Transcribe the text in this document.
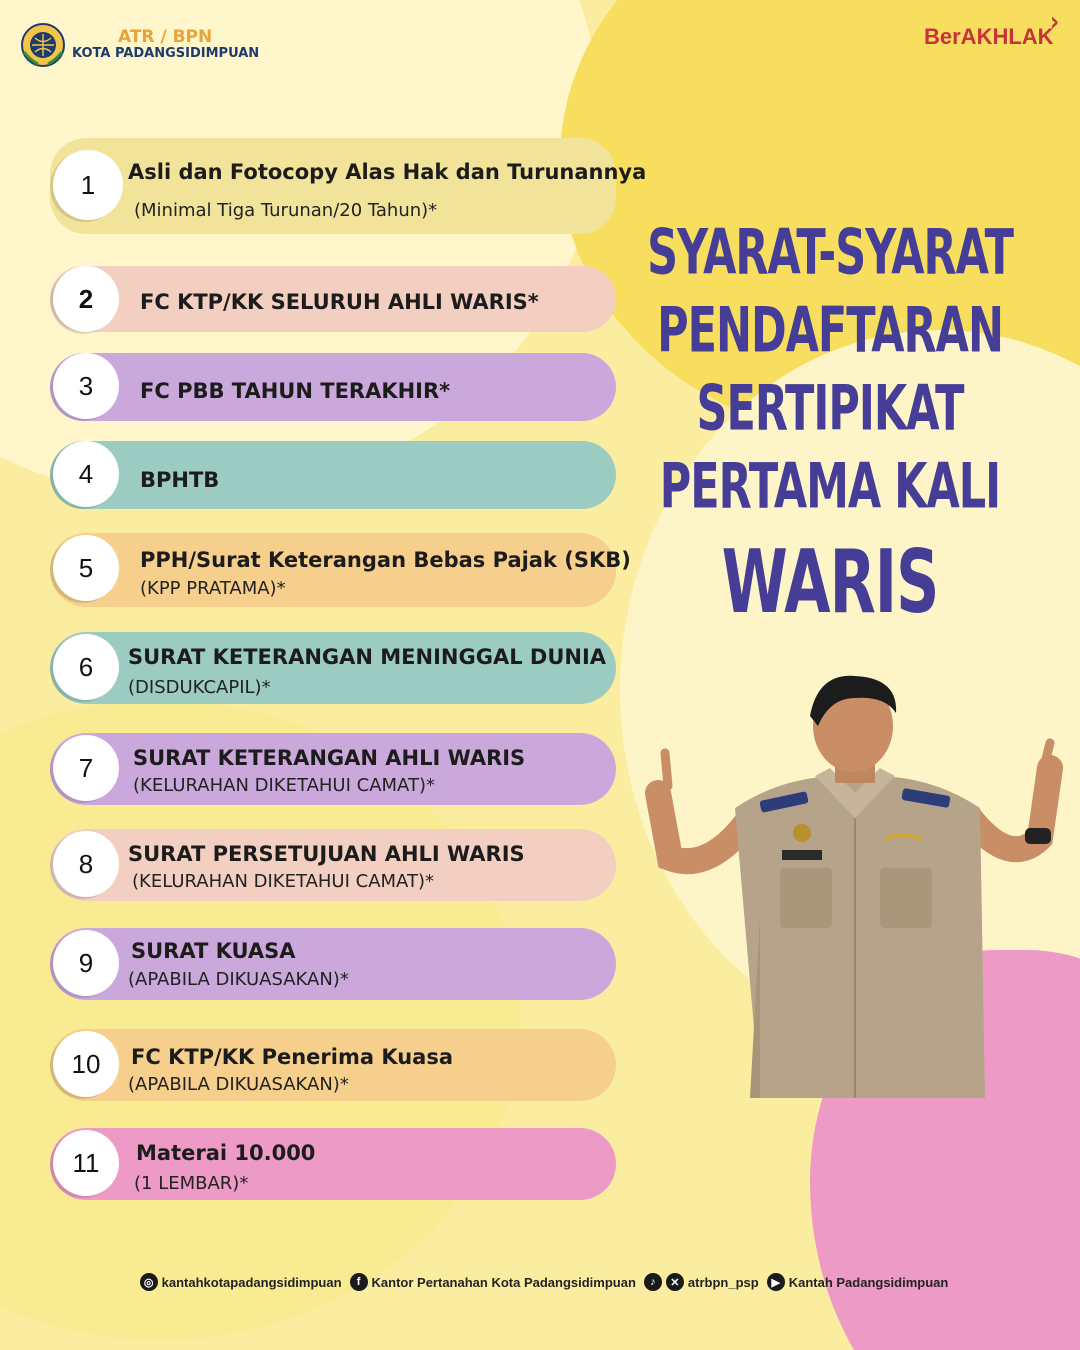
ATR / BPN
KOTA PADANGSIDIMPUAN
BerAKHLAK
›
1	Asli dan Fotocopy Alas Hak dan Turunannya
(Minimal Tiga Turunan/20 Tahun)*
2	FC KTP/KK SELURUH AHLI WARIS*
3	FC PBB TAHUN TERAKHIR*
4	BPHTB
5	PPH/Surat Keterangan Bebas Pajak (SKB)
(KPP PRATAMA)*
6	SURAT KETERANGAN MENINGGAL DUNIA
(DISDUKCAPIL)*
7	SURAT KETERANGAN AHLI WARIS
(KELURAHAN DIKETAHUI CAMAT)*
8	SURAT PERSETUJUAN AHLI WARIS
(KELURAHAN DIKETAHUI CAMAT)*
9	SURAT KUASA
(APABILA DIKUASAKAN)*
10	FC KTP/KK Penerima Kuasa
(APABILA DIKUASAKAN)*
11	Materai 10.000
(1 LEMBAR)*
SYARAT-SYARAT
PENDAFTARAN
SERTIPIKAT
PERTAMA KALI
WARIS
◎ kantahkotapadangsidimpuan	f Kantor Pertanahan Kota Padangsidimpuan	♪	✕ atrbpn_psp	▶ Kantah Padangsidimpuan
